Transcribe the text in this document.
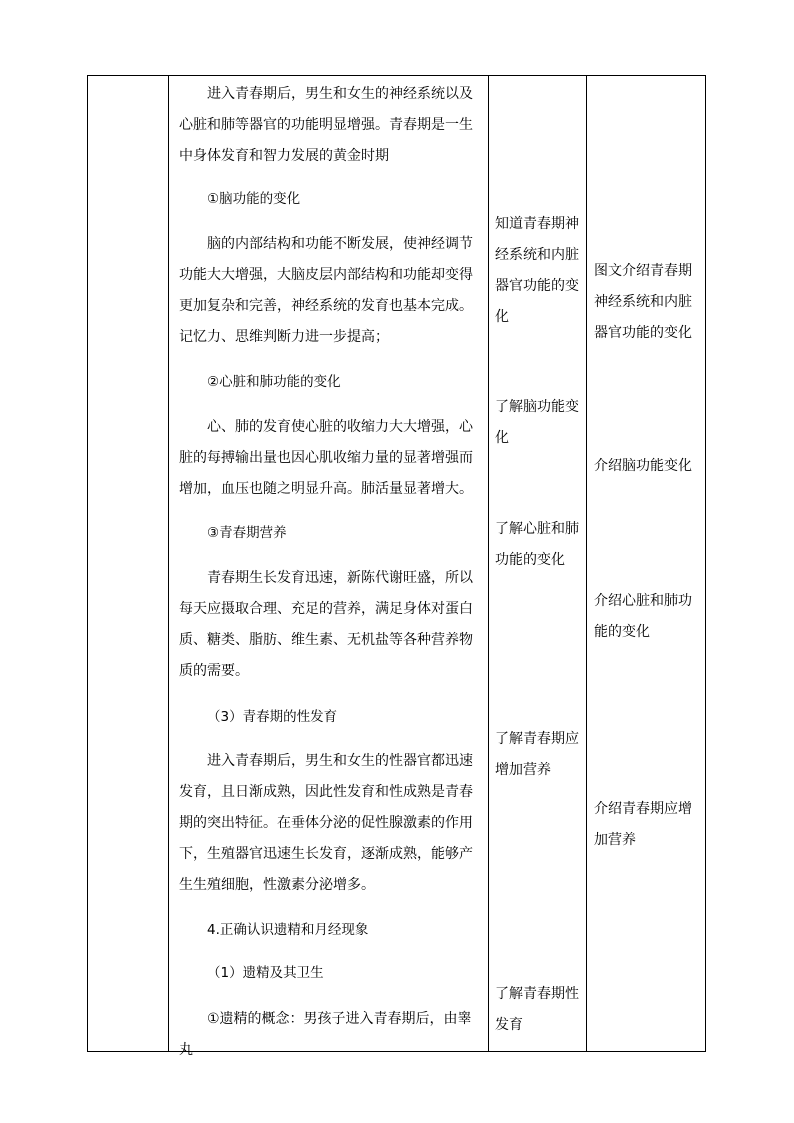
进入青春期后，男生和女生的神经系统以及心脏和肺等器官的功能明显增强。青春期是一生中身体发育和智力发展的黄金时期

①脑功能的变化

脑的内部结构和功能不断发展，使神经调节功能大大增强，大脑皮层内部结构和功能却变得更加复杂和完善，神经系统的发育也基本完成。记忆力、思维判断力进一步提高；

②心脏和肺功能的变化

心、肺的发育使心脏的收缩力大大增强，心脏的每搏输出量也因心肌收缩力量的显著增强而增加，血压也随之明显升高。肺活量显著增大。

③青春期营养

青春期生长发育迅速，新陈代谢旺盛，所以每天应摄取合理、充足的营养，满足身体对蛋白质、糖类、脂肪、维生素、无机盐等各种营养物质的需要。

（3）青春期的性发育

进入青春期后，男生和女生的性器官都迅速发育，且日渐成熟，因此性发育和性成熟是青春期的突出特征。在垂体分泌的促性腺激素的作用下，生殖器官迅速生长发育，逐渐成熟，能够产生生殖细胞，性激素分泌增多。

4.正确认识遗精和月经现象

（1）遗精及其卫生

①遗精的概念：男孩子进入青春期后，由睾丸

知道青春期神经系统和内脏器官功能的变化

了解脑功能变化

了解心脏和肺功能的变化

了解青春期应增加营养

了解青春期性发育

图文介绍青春期神经系统和内脏器官功能的变化

介绍脑功能变化

介绍心脏和肺功能的变化

介绍青春期应增加营养
